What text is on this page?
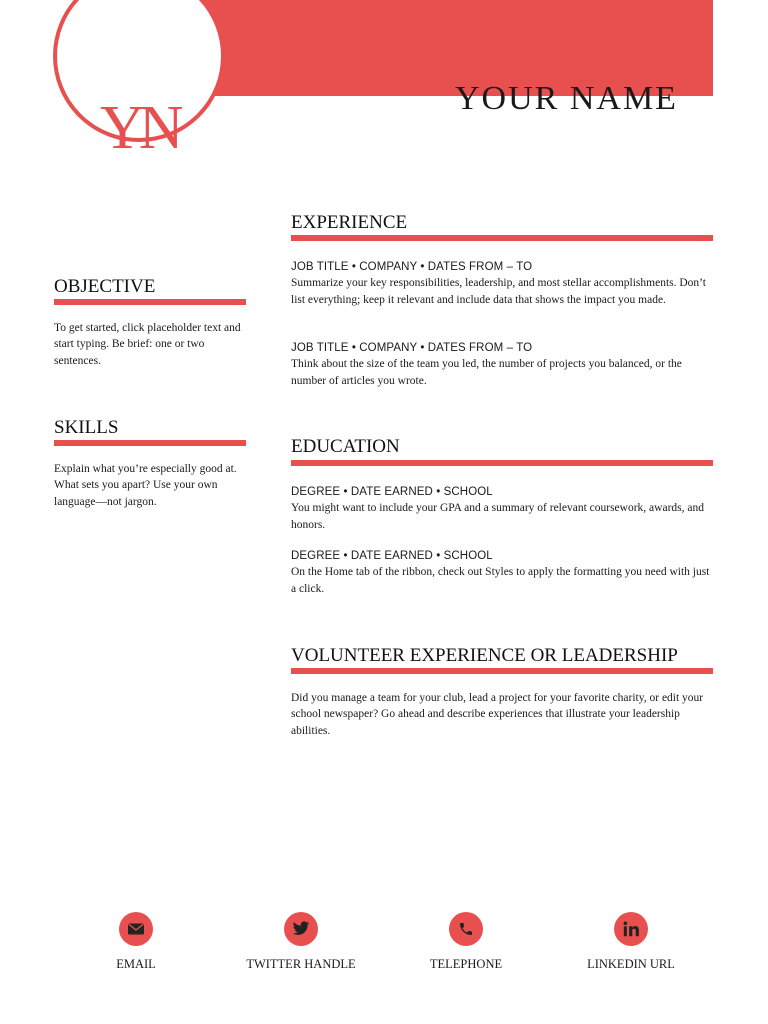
YN	YOUR NAME
OBJECTIVE
To get started, click placeholder text and start typing. Be brief: one or two sentences.
SKILLS
Explain what you’re especially good at. What sets you apart? Use your own language—not jargon.
EXPERIENCE
JOB TITLE • COMPANY • DATES FROM – TO
Summarize your key responsibilities, leadership, and most stellar accomplishments. Don’t list everything; keep it relevant and include data that shows the impact you made.
JOB TITLE • COMPANY • DATES FROM – TO
Think about the size of the team you led, the number of projects you balanced, or the number of articles you wrote.
EDUCATION
DEGREE • DATE EARNED • SCHOOL
You might want to include your GPA and a summary of relevant coursework, awards, and honors.
DEGREE • DATE EARNED • SCHOOL
On the Home tab of the ribbon, check out Styles to apply the formatting you need with just a click.
VOLUNTEER EXPERIENCE OR LEADERSHIP
Did you manage a team for your club, lead a project for your favorite charity, or edit your school newspaper? Go ahead and describe experiences that illustrate your leadership abilities.
EMAIL	TWITTER HANDLE	TELEPHONE	LINKEDIN URL
